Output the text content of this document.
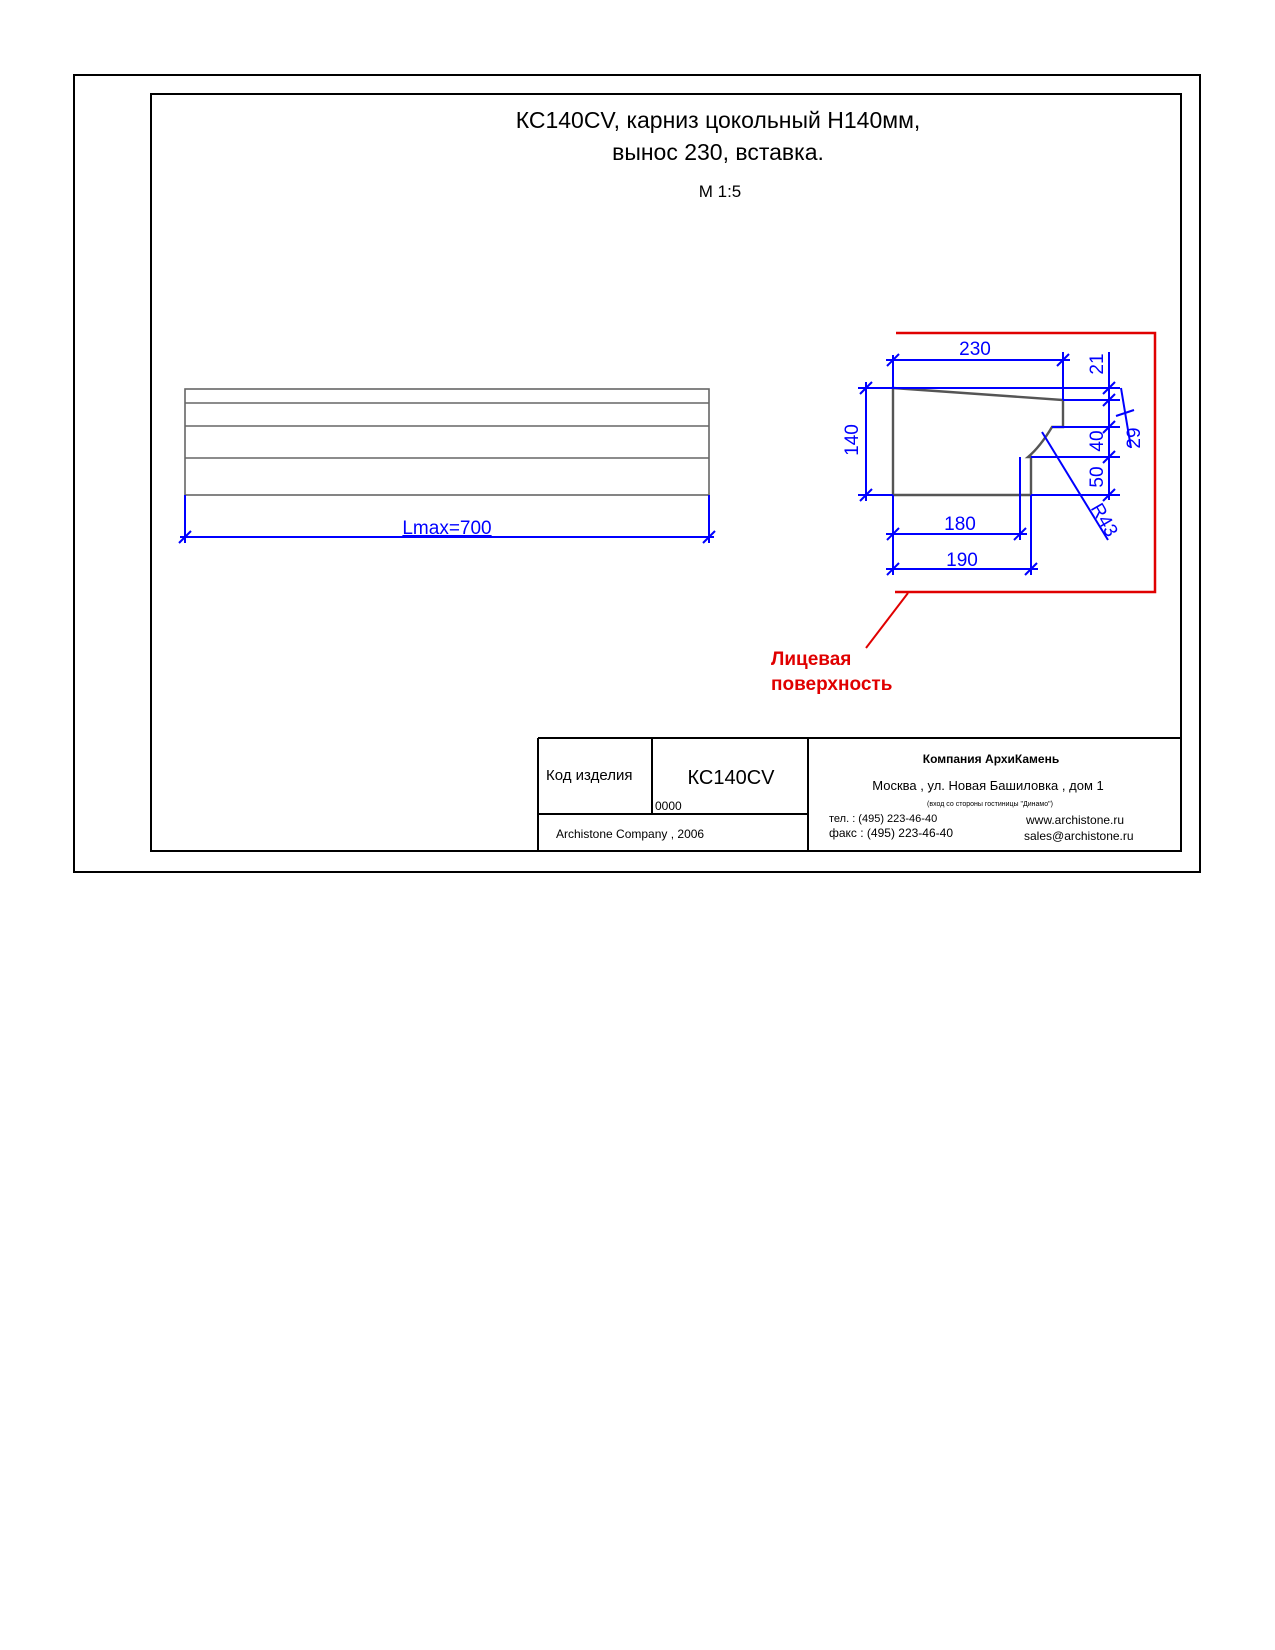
КС140CV, карниз цокольный H140мм,
вынос 230, вставка.
М 1:5
Lmax=700
230
140
21
40 29
50
R43
180
190
Лицевая
поверхность
Код изделия	КС140CV
0000
Archistone Company , 2006
Компания АрхиКамень
Москва , ул. Новая Башиловка , дом 1
(вход со стороны гостиницы "Динамо")
тел. : (495) 223-46-40
факс : (495) 223-46-40
www.archistone.ru
sales@archistone.ru
